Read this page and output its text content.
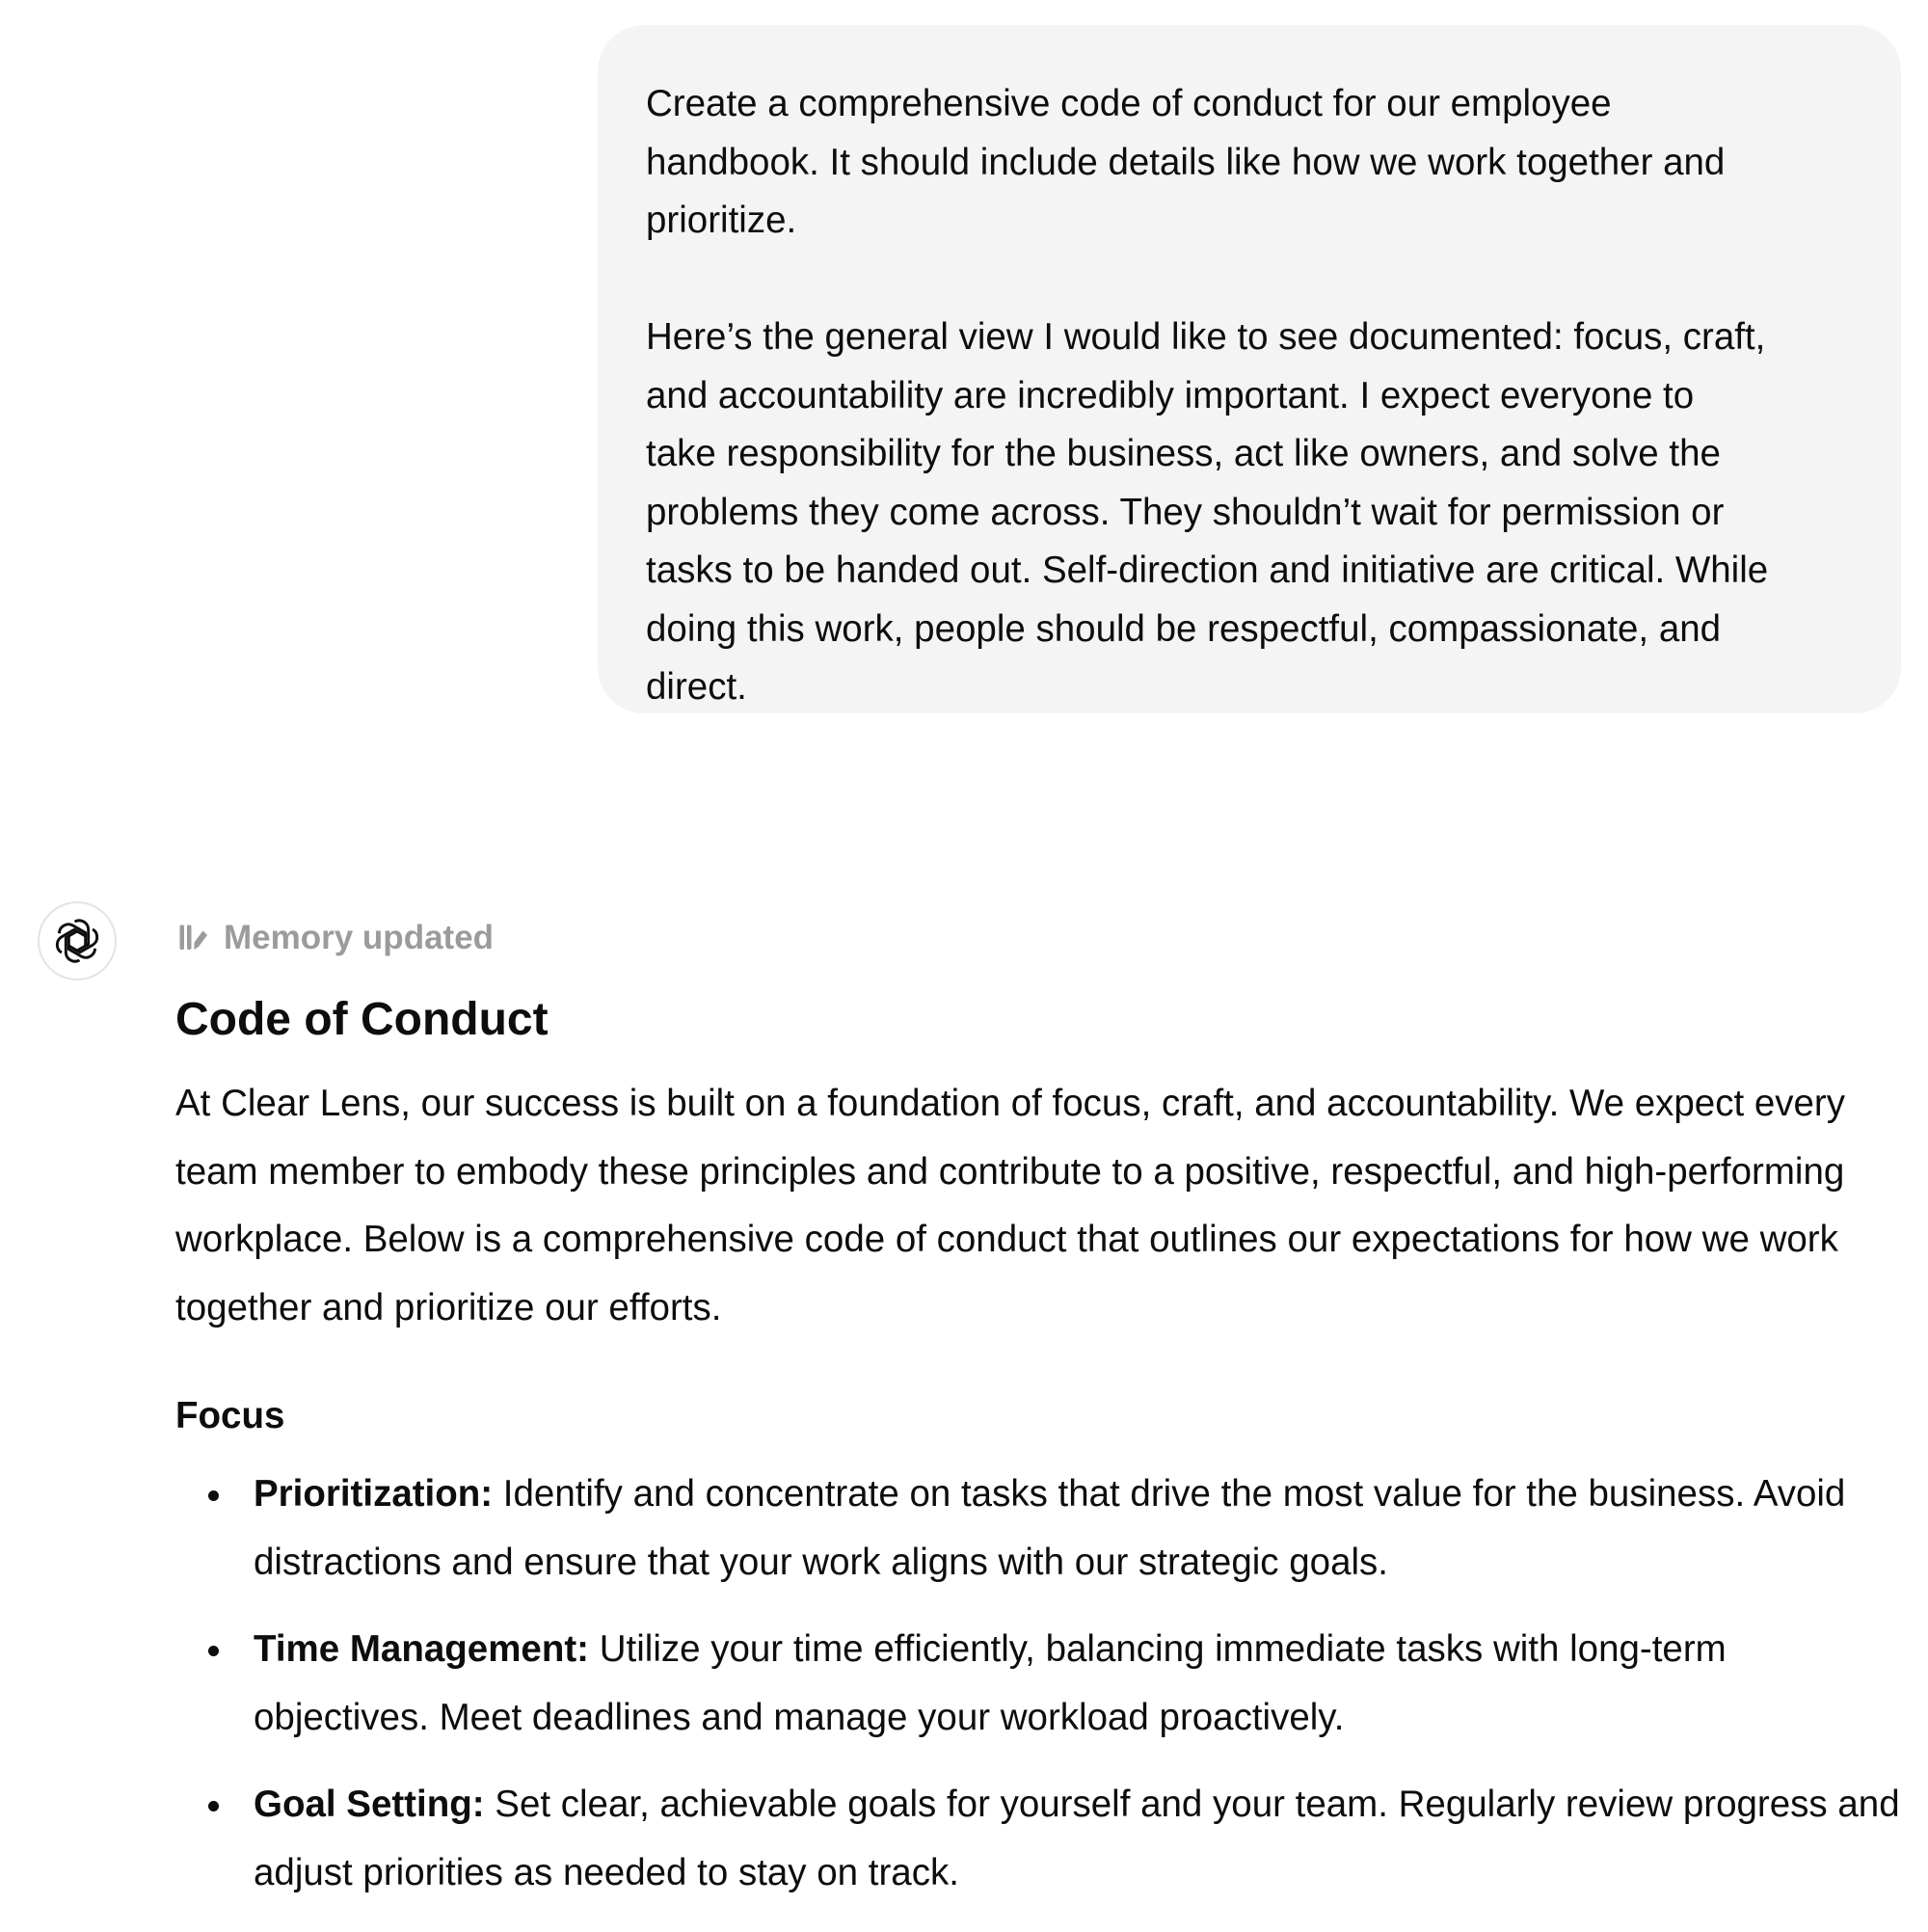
Create a comprehensive code of conduct for our employee
handbook. It should include details like how we work together and
prioritize.

Here’s the general view I would like to see documented: focus, craft,
and accountability are incredibly important. I expect everyone to
take responsibility for the business, act like owners, and solve the
problems they come across. They shouldn’t wait for permission or
tasks to be handed out. Self-direction and initiative are critical. While
doing this work, people should be respectful, compassionate, and
direct.

Memory updated
Code of Conduct

At Clear Lens, our success is built on a foundation of focus, craft, and accountability. We expect every team member to embody these principles and contribute to a positive, respectful, and high-performing workplace. Below is a comprehensive code of conduct that outlines our expectations for how we work together and prioritize our efforts.

Focus
Prioritization: Identify and concentrate on tasks that drive the most value for the business. Avoid distractions and ensure that your work aligns with our strategic goals.
Time Management: Utilize your time efficiently, balancing immediate tasks with long-term objectives. Meet deadlines and manage your workload proactively.
Goal Setting: Set clear, achievable goals for yourself and your team. Regularly review progress and adjust priorities as needed to stay on track.
